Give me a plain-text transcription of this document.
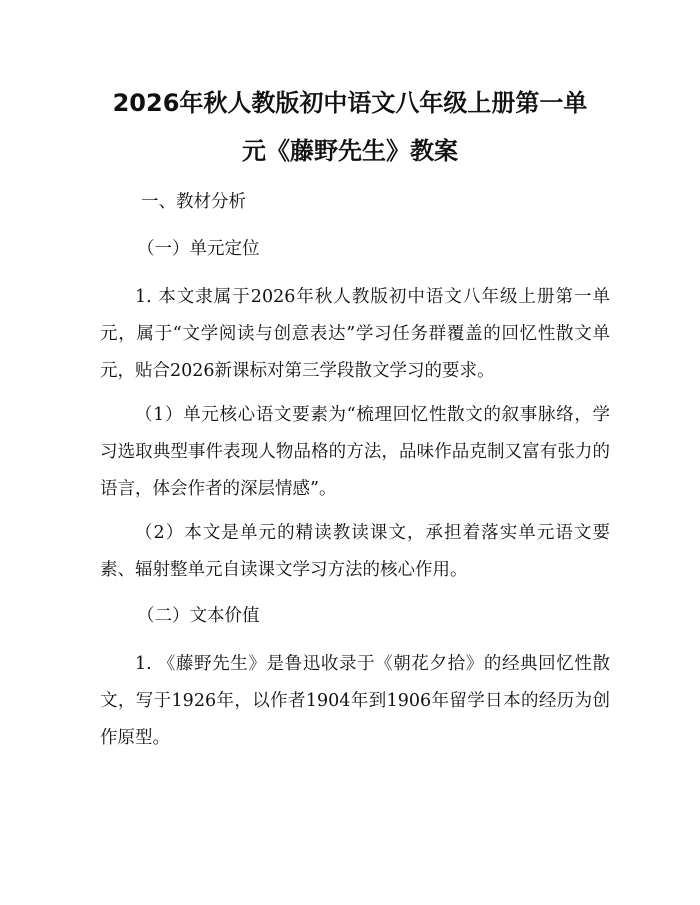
2026年秋人教版初中语文八年级上册第一单
元《藤野先生》教案

一、教材分析

（一）单元定位

1. 本文隶属于2026年秋人教版初中语文八年级上册第一单元，属于“文学阅读与创意表达”学习任务群覆盖的回忆性散文单元，贴合2026新课标对第三学段散文学习的要求。

（1）单元核心语文要素为“梳理回忆性散文的叙事脉络，学习选取典型事件表现人物品格的方法，品味作品克制又富有张力的语言，体会作者的深层情感”。

（2）本文是单元的精读教读课文，承担着落实单元语文要素、辐射整单元自读课文学习方法的核心作用。

（二）文本价值

1. 《藤野先生》是鲁迅收录于《朝花夕拾》的经典回忆性散文，写于1926年，以作者1904年到1906年留学日本的经历为创作原型。
